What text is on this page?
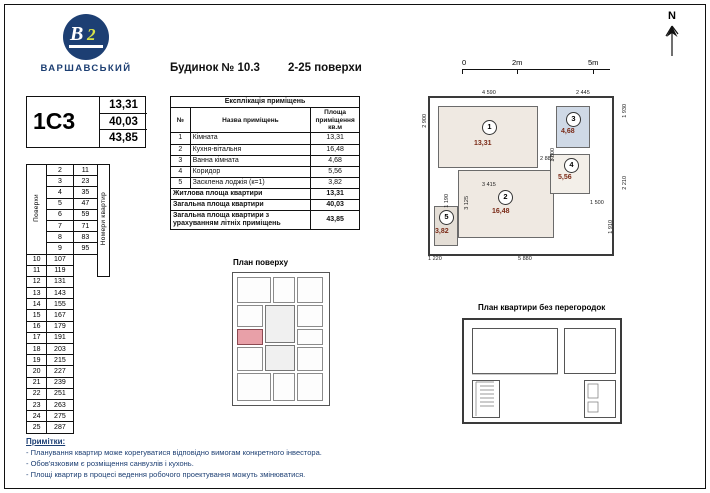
B 2
ВАРШАВСЬКИЙ	Будинок № 10.3 2-25 поверхи
N
0	2m	5m
1С3
13,31
40,03
43,85
Поверхи	2	11	Номери квартир
	3	23	
	4	35	
	5	47	
	6	59	
	7	71	
	8	83	
	9	95	
10	107		
11	119		
12	131		
13	143		
14	155		
15	167		
16	179		
17	191		
18	203		
19	215		
20	227		
21	239		
22	251		
23	263		
24	275		
25	287		
Експлікація приміщень		
№	Назва приміщень	Площа приміщення кв.м
1	Кімната	13,31
2	Кухня-вітальня	16,48
3	Ванна кімната	4,68
4	Коридор	5,56
5	Засклена лоджія (к=1)	3,82
Житлова площа квартири		13,31
Загальна площа квартири		40,03
Загальна площа квартири з урахуванням літніх приміщень		43,85
План поверху
1
13,31
2
16,48
3
4,68
4
5,56
5
3,82
4 590	2 445
2 900
1 800
2 882
3 415
1 190	3 125	1 500
1 930
2 210
1 910
1 220	5 880
План квартири без перегородок
Примітки:
- Планування квартир може корегуватися відповідно вимогам конкретного інвестора.
- Обов'язковим є розміщення санвузлів і кухонь.
- Площі квартир в процесі ведення робочого проектування можуть змінюватися.
